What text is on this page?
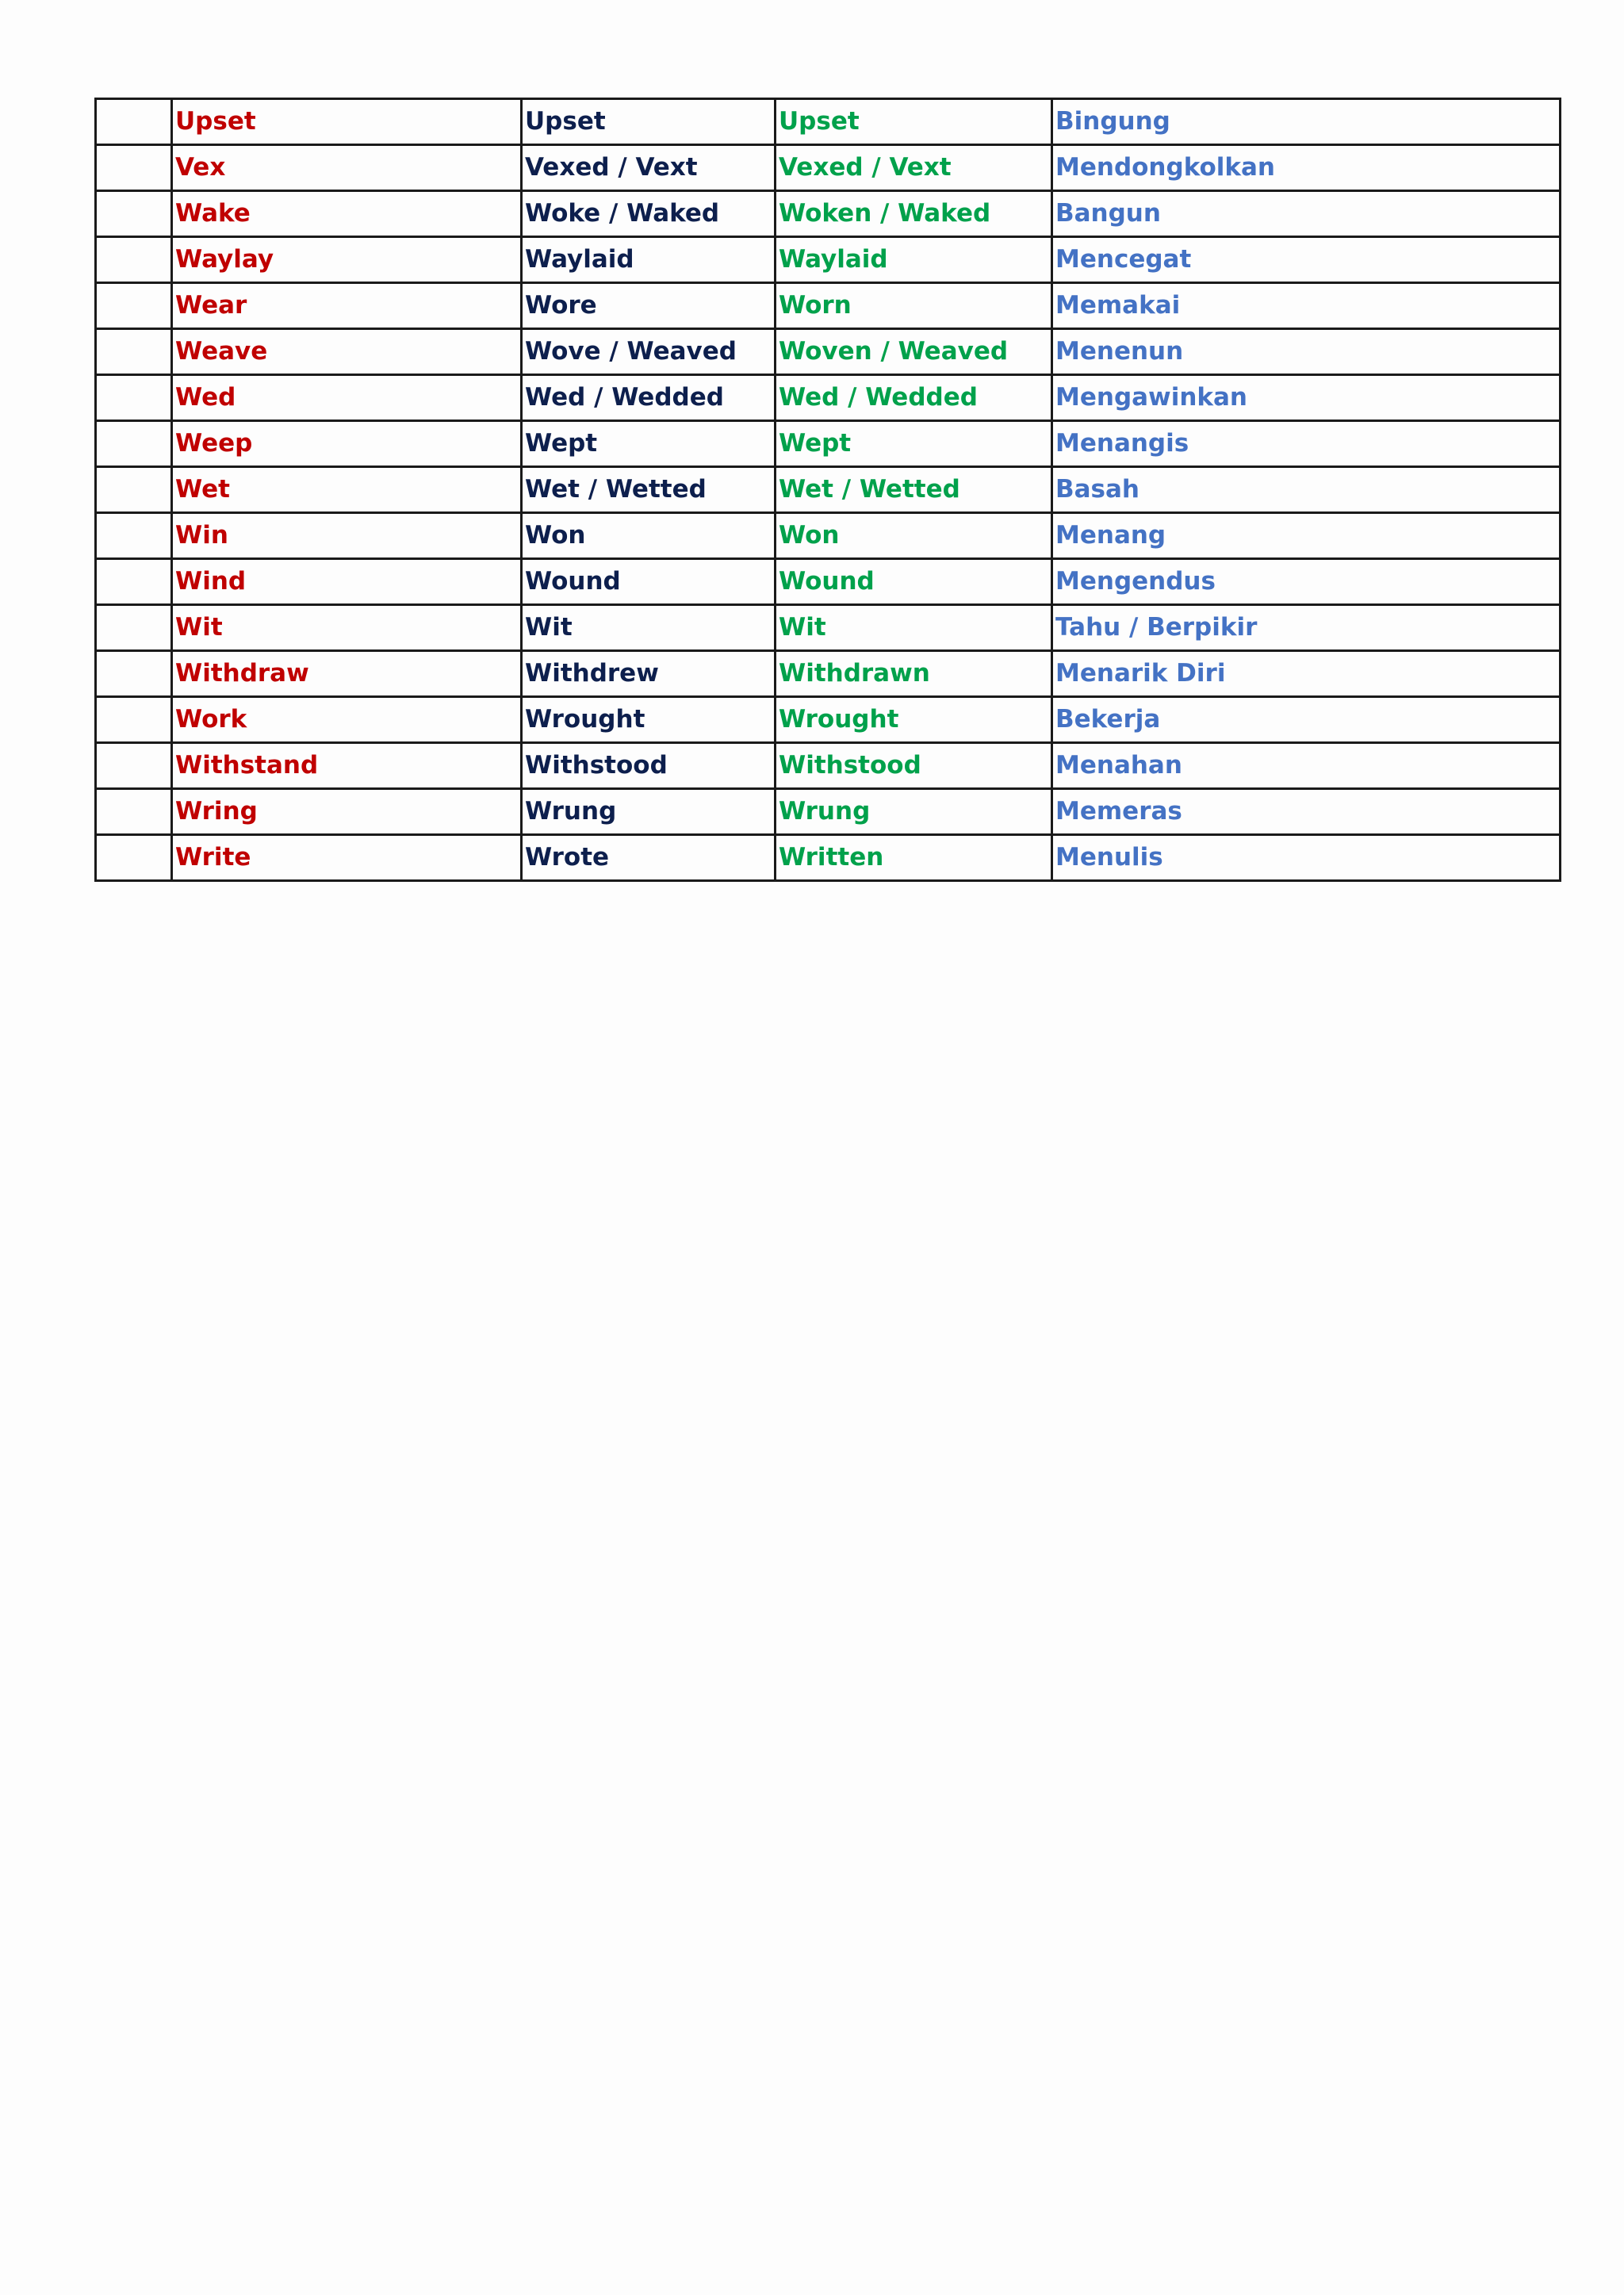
	Upset	Upset	Upset	Bingung
	Vex	Vexed / Vext	Vexed / Vext	Mendongkolkan
	Wake	Woke / Waked	Woken / Waked	Bangun
	Waylay	Waylaid	Waylaid	Mencegat
	Wear	Wore	Worn	Memakai
	Weave	Wove / Weaved	Woven / Weaved	Menenun
	Wed	Wed / Wedded	Wed / Wedded	Mengawinkan
	Weep	Wept	Wept	Menangis
	Wet	Wet / Wetted	Wet / Wetted	Basah
	Win	Won	Won	Menang
	Wind	Wound	Wound	Mengendus
	Wit	Wit	Wit	Tahu / Berpikir
	Withdraw	Withdrew	Withdrawn	Menarik Diri
	Work	Wrought	Wrought	Bekerja
	Withstand	Withstood	Withstood	Menahan
	Wring	Wrung	Wrung	Memeras
	Write	Wrote	Written	Menulis
